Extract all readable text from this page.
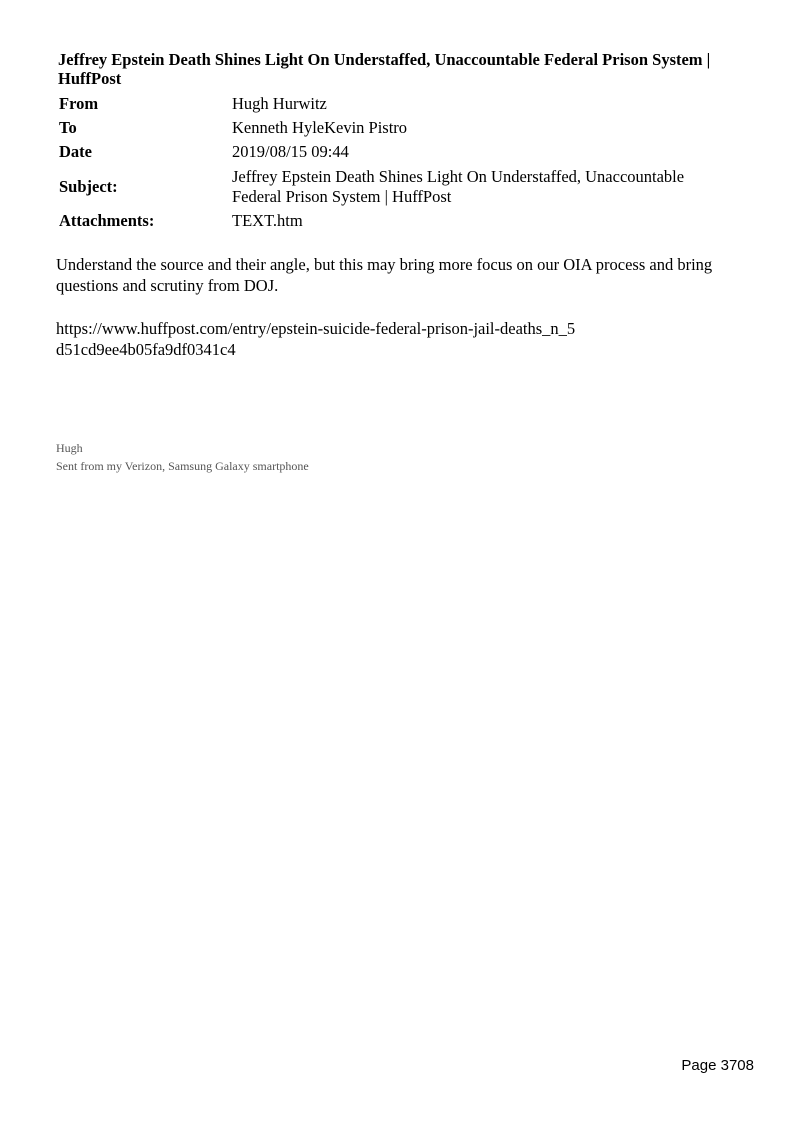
Jeffrey Epstein Death Shines Light On Understaffed, Unaccountable Federal Prison System | HuffPost
From	Hugh Hurwitz
To	Kenneth HyleKevin Pistro
Date	2019/08/15 09:44
Subject:	Jeffrey Epstein Death Shines Light On Understaffed, Unaccountable Federal Prison System | HuffPost
Attachments:	TEXT.htm

Understand the source and their angle, but this may bring more focus on our OIA process and bring questions and scrutiny from DOJ.

https://www.huffpost.com/entry/epstein-suicide-federal-prison-jail-deaths_n_5d51cd9ee4b05fa9df0341c4

Hugh
Sent from my Verizon, Samsung Galaxy smartphone
Page 3708
